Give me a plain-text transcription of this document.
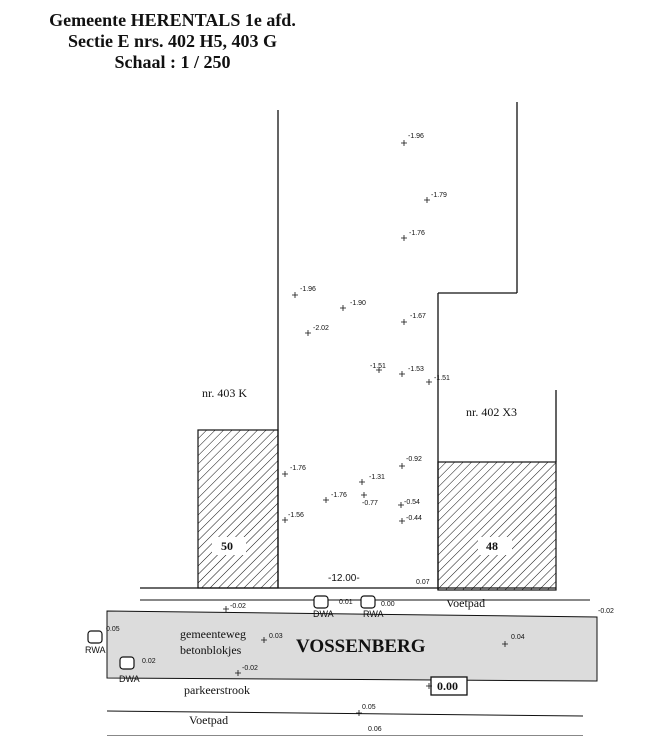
Gemeente HERENTALS 1e afd.
Sectie E nrs. 402 H5, 403 G
Schaal : 1 / 250
50	48
nr. 403 K
nr. 402 X3
-12.00-	0.07
-1.96
-1.79
-1.76
-1.96
-1.90
-2.02
-1.67
-1.51	-1.53
-1.51
-0.92
-1.76
-1.31
-1.76
-0.77	-0.54
-1.56	-0.44
VOSSENBERG
gemeenteweg
betonblokjes
parkeerstrook
Voetpad
Voetpad
0.00
DWA
0.01
RWA
0.00
RWA
0.05
DWA
0.02
-0.02
-0.02
0.03	0.04
-0.02
0.05
0.06
